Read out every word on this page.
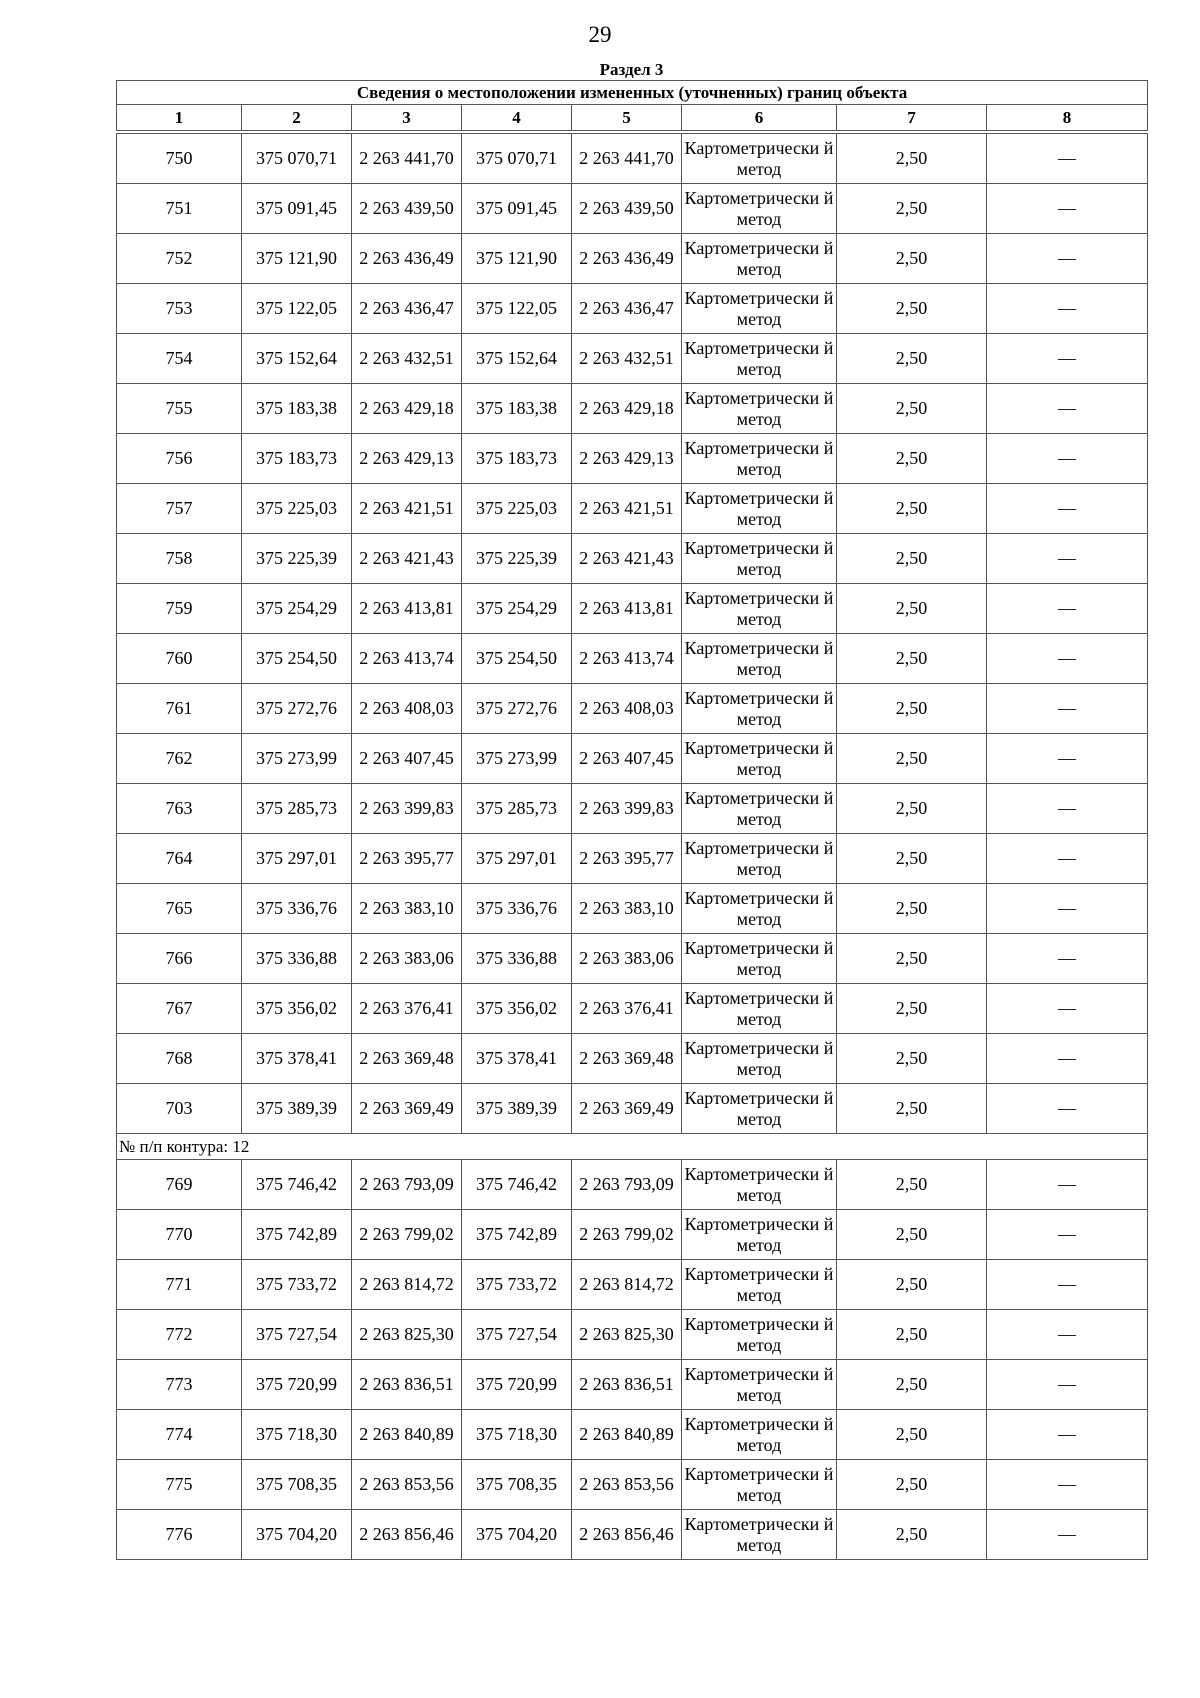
29
Раздел 3
Сведения о местоположении измененных (уточненных) границ объекта							
1	2	3	4	5	6	7	8
750	375 070,71	2 263 441,70	375 070,71	2 263 441,70	Картометрически й метод	2,50	—
751	375 091,45	2 263 439,50	375 091,45	2 263 439,50	Картометрически й метод	2,50	—
752	375 121,90	2 263 436,49	375 121,90	2 263 436,49	Картометрически й метод	2,50	—
753	375 122,05	2 263 436,47	375 122,05	2 263 436,47	Картометрически й метод	2,50	—
754	375 152,64	2 263 432,51	375 152,64	2 263 432,51	Картометрически й метод	2,50	—
755	375 183,38	2 263 429,18	375 183,38	2 263 429,18	Картометрически й метод	2,50	—
756	375 183,73	2 263 429,13	375 183,73	2 263 429,13	Картометрически й метод	2,50	—
757	375 225,03	2 263 421,51	375 225,03	2 263 421,51	Картометрически й метод	2,50	—
758	375 225,39	2 263 421,43	375 225,39	2 263 421,43	Картометрически й метод	2,50	—
759	375 254,29	2 263 413,81	375 254,29	2 263 413,81	Картометрически й метод	2,50	—
760	375 254,50	2 263 413,74	375 254,50	2 263 413,74	Картометрически й метод	2,50	—
761	375 272,76	2 263 408,03	375 272,76	2 263 408,03	Картометрически й метод	2,50	—
762	375 273,99	2 263 407,45	375 273,99	2 263 407,45	Картометрически й метод	2,50	—
763	375 285,73	2 263 399,83	375 285,73	2 263 399,83	Картометрически й метод	2,50	—
764	375 297,01	2 263 395,77	375 297,01	2 263 395,77	Картометрически й метод	2,50	—
765	375 336,76	2 263 383,10	375 336,76	2 263 383,10	Картометрически й метод	2,50	—
766	375 336,88	2 263 383,06	375 336,88	2 263 383,06	Картометрически й метод	2,50	—
767	375 356,02	2 263 376,41	375 356,02	2 263 376,41	Картометрически й метод	2,50	—
768	375 378,41	2 263 369,48	375 378,41	2 263 369,48	Картометрически й метод	2,50	—
703	375 389,39	2 263 369,49	375 389,39	2 263 369,49	Картометрически й метод	2,50	—
№ п/п контура: 12							
769	375 746,42	2 263 793,09	375 746,42	2 263 793,09	Картометрически й метод	2,50	—
770	375 742,89	2 263 799,02	375 742,89	2 263 799,02	Картометрически й метод	2,50	—
771	375 733,72	2 263 814,72	375 733,72	2 263 814,72	Картометрически й метод	2,50	—
772	375 727,54	2 263 825,30	375 727,54	2 263 825,30	Картометрически й метод	2,50	—
773	375 720,99	2 263 836,51	375 720,99	2 263 836,51	Картометрически й метод	2,50	—
774	375 718,30	2 263 840,89	375 718,30	2 263 840,89	Картометрически й метод	2,50	—
775	375 708,35	2 263 853,56	375 708,35	2 263 853,56	Картометрически й метод	2,50	—
776	375 704,20	2 263 856,46	375 704,20	2 263 856,46	Картометрически й метод	2,50	—
